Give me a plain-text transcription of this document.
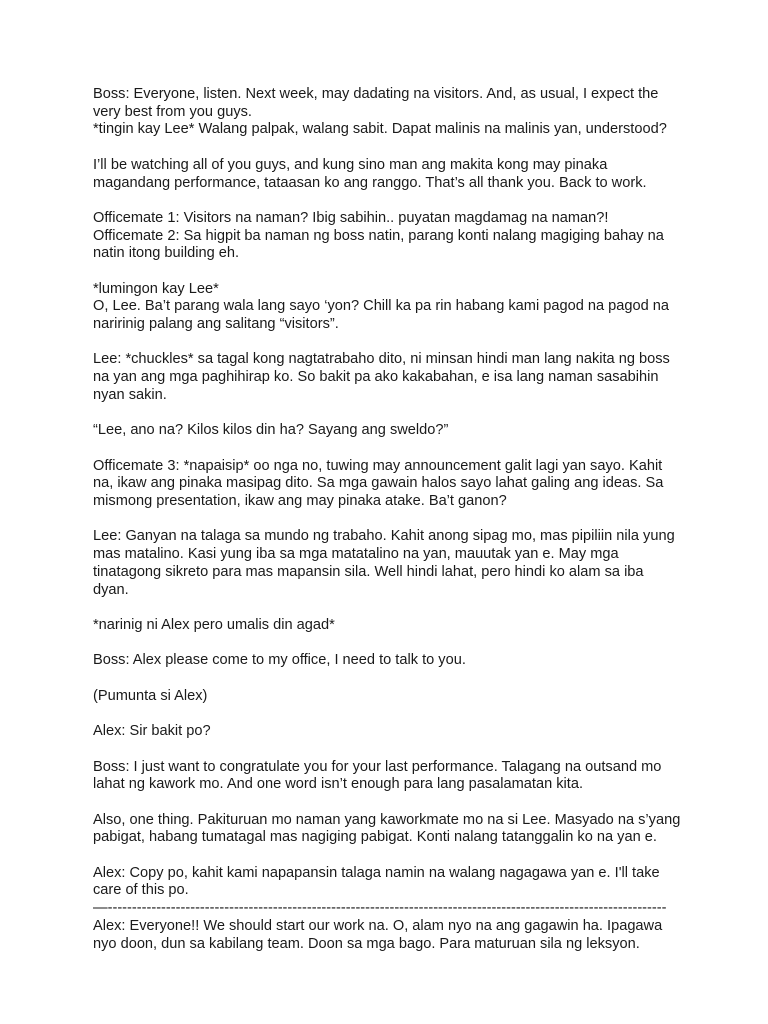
Boss: Everyone, listen. Next week, may dadating na visitors. And, as usual, I expect the very best from you guys.
*tingin kay Lee* Walang palpak, walang sabit. Dapat malinis na malinis yan, understood?

I’ll be watching all of you guys, and kung sino man ang makita kong may pinaka magandang performance, tataasan ko ang ranggo. That’s all thank you. Back to work.

Officemate 1: Visitors na naman? Ibig sabihin.. puyatan magdamag na naman?!
Officemate 2: Sa higpit ba naman ng boss natin, parang konti nalang magiging bahay na natin itong building eh.

*lumingon kay Lee*
O, Lee. Ba’t parang wala lang sayo ‘yon? Chill ka pa rin habang kami pagod na pagod na naririnig palang ang salitang “visitors”.

Lee: *chuckles* sa tagal kong nagtatrabaho dito, ni minsan hindi man lang nakita ng boss na yan ang mga paghihirap ko. So bakit pa ako kakabahan, e isa lang naman sasabihin nyan sakin.

“Lee, ano na? Kilos kilos din ha? Sayang ang sweldo?”

Officemate 3: *napaisip* oo nga no, tuwing may announcement galit lagi yan sayo. Kahit na, ikaw ang pinaka masipag dito. Sa mga gawain halos sayo lahat galing ang ideas. Sa mismong presentation, ikaw ang may pinaka atake. Ba’t ganon?

Lee: Ganyan na talaga sa mundo ng trabaho. Kahit anong sipag mo, mas pipiliin nila yung mas matalino. Kasi yung iba sa mga matatalino na yan, mauutak yan e. May mga tinatagong sikreto para mas mapansin sila. Well hindi lahat, pero hindi ko alam sa iba dyan.

*narinig ni Alex pero umalis din agad*

Boss: Alex please come to my office, I need to talk to you.

(Pumunta si Alex)

Alex: Sir bakit po?

Boss: I just want to congratulate you for your last performance. Talagang na outsand mo lahat ng kawork mo. And one word isn’t enough para lang pasalamatan kita.

Also, one thing. Pakituruan mo naman yang kaworkmate mo na si Lee. Masyado na s’yang pabigat, habang tumatagal mas nagiging pabigat. Konti nalang tatanggalin ko na yan e.

Alex: Copy po, kahit kami napapansin talaga namin na walang nagagawa yan e. I'll take care of this po.

—-------------------------------------------------------------------------------------------------------------------

Alex: Everyone!! We should start our work na. O, alam nyo na ang gagawin ha. Ipagawa nyo doon, dun sa kabilang team. Doon sa mga bago. Para maturuan sila ng leksyon.
